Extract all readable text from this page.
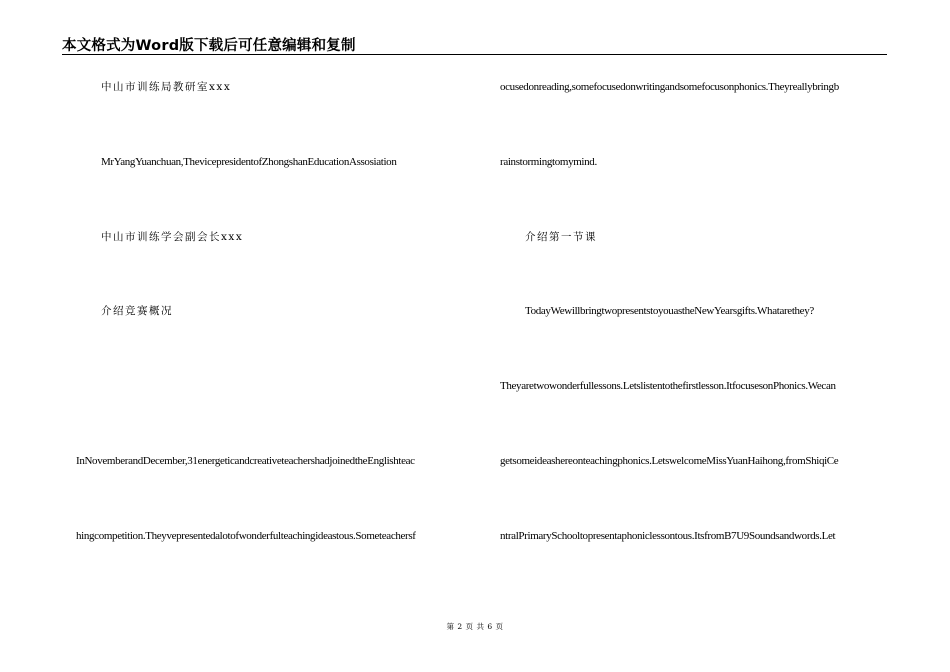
本文格式为Word版下载后可任意编辑和复制
中山市训练局教研室xxx
MrYangYuanchuan,ThevicepresidentofZhongshanEducationAssosiation
中山市训练学会副会长xxx
介绍竞赛概况
InNovemberandDecember,31energeticandcreativeteachershadjoinedtheEnglishteac
hingcompetition.Theyvepresentedalotofwonderfulteachingideastous.Someteachersf
ocusedonreading,somefocusedonwritingandsomefocusonphonics.Theyreallybringb
rainstormingtomymind.
介绍第一节课
TodayWewillbringtwopresentstoyouastheNewYearsgifts.Whatarethey?
Theyaretwowonderfullessons.Letslistentothefirstlesson.ItfocusesonPhonics.Wecan
getsomeideashereonteachingphonics.LetswelcomeMissYuanHaihong,fromShiqiCe
ntralPrimarySchooltopresentaphoniclessontous.ItsfromB7U9Soundsandwords.Let
第 2 页 共 6 页
